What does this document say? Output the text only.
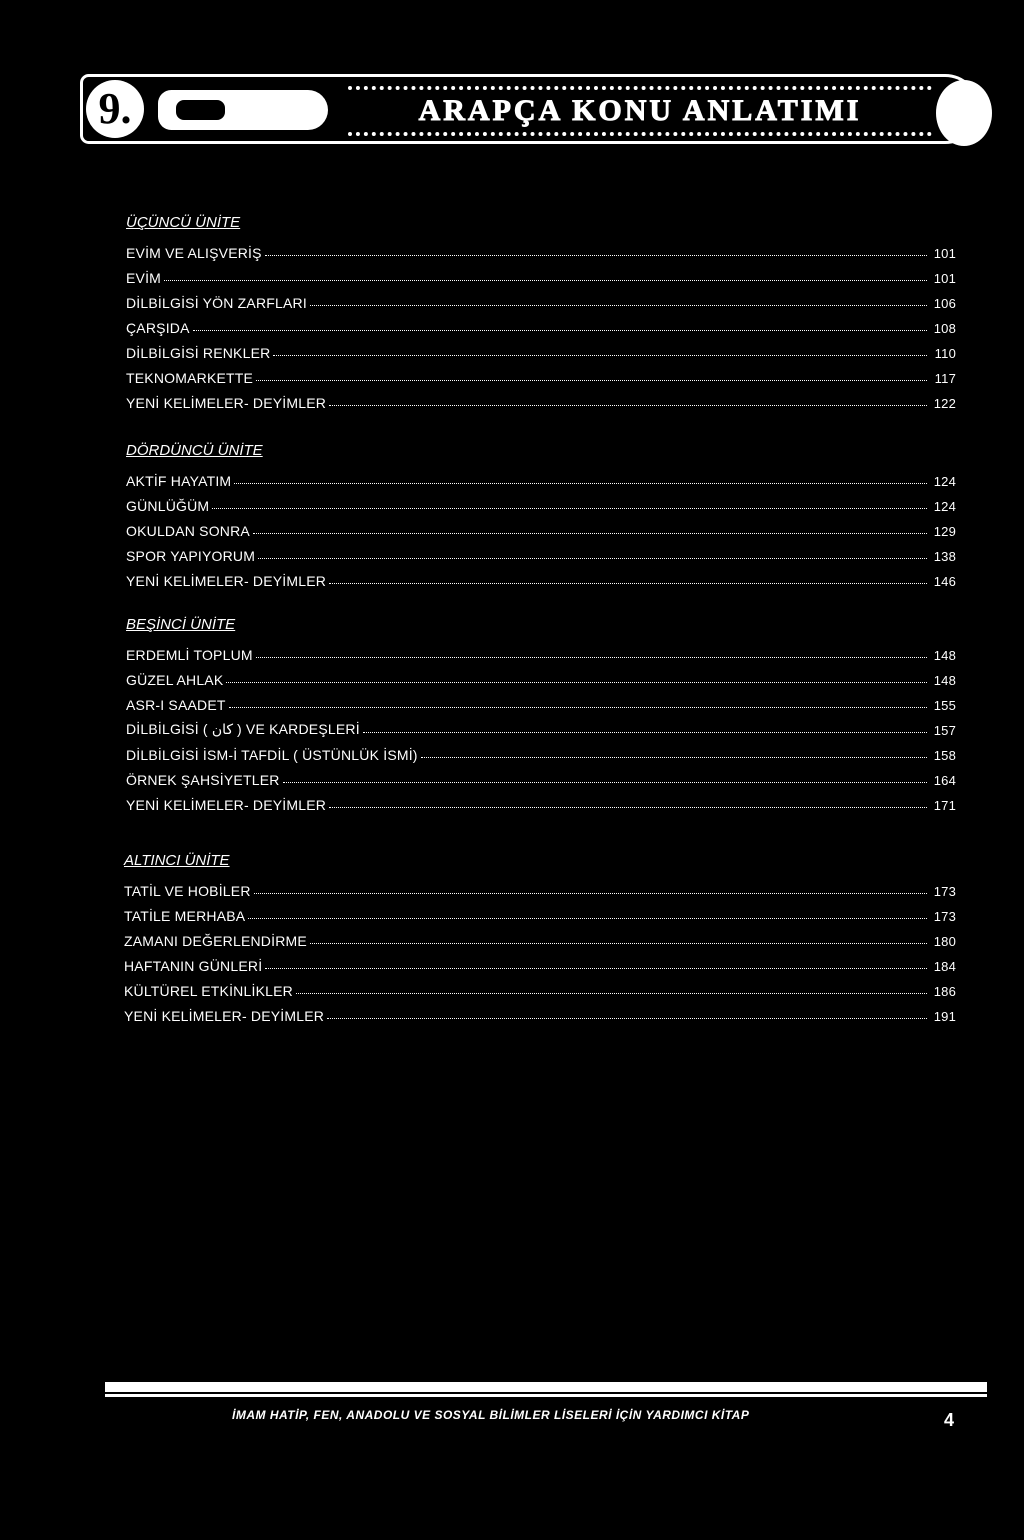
9.	sınıf	ARAPÇA KONU ANLATIMI
ÜÇÜNCÜ ÜNİTE
EVİM VE ALIŞVERİŞ	101
EVİM	101
DİLBİLGİSİ YÖN ZARFLARI	106
ÇARŞIDA	108
DİLBİLGİSİ RENKLER	110
TEKNOMARKETTE	117
YENİ KELİMELER- DEYİMLER	122
DÖRDÜNCÜ ÜNİTE
AKTİF HAYATIM	124
GÜNLÜĞÜM	124
OKULDAN SONRA	129
SPOR YAPIYORUM	138
YENİ KELİMELER- DEYİMLER	146
BEŞİNCİ ÜNİTE
ERDEMLİ TOPLUM	148
GÜZEL AHLAK	148
ASR-I SAADET	155
DİLBİLGİSİ ( كان ) VE KARDEŞLERİ	157
DİLBİLGİSİ İSM-İ TAFDİL ( ÜSTÜNLÜK İSMİ)	158
ÖRNEK ŞAHSİYETLER	164
YENİ KELİMELER- DEYİMLER	171
ALTINCI ÜNİTE
TATİL VE HOBİLER	173
TATİLE MERHABA	173
ZAMANI DEĞERLENDİRME	180
HAFTANIN GÜNLERİ	184
KÜLTÜREL ETKİNLİKLER	186
YENİ KELİMELER- DEYİMLER	191
İMAM HATİP, FEN, ANADOLU VE SOSYAL BİLİMLER LİSELERİ İÇİN YARDIMCI KİTAP	4
